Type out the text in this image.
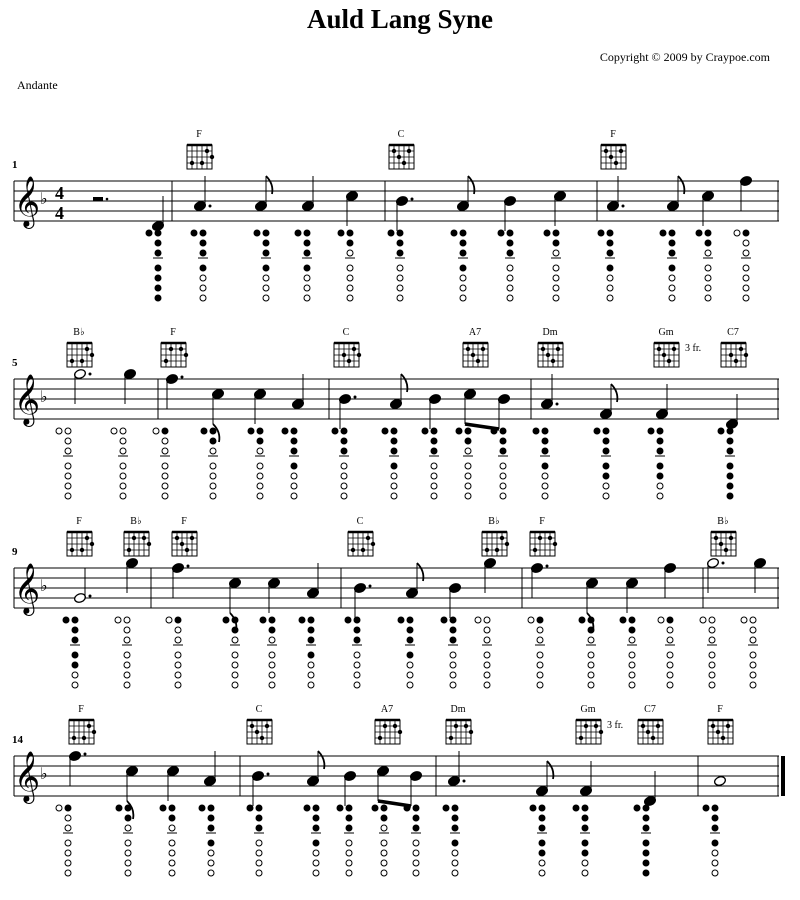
Auld Lang Syne
Copyright © 2009 by Craypoe.com
Andante
1
F	C	F
𝄞 ♭ 4
4
5
B♭	F	C	A7	Dm	Gm
3 fr.
C7
𝄞 ♭
9
F	B♭	F	C	B♭	F	B♭
𝄞 ♭
14
F	C	A7	Dm	Gm
3 fr.
C7	F
𝄞 ♭
